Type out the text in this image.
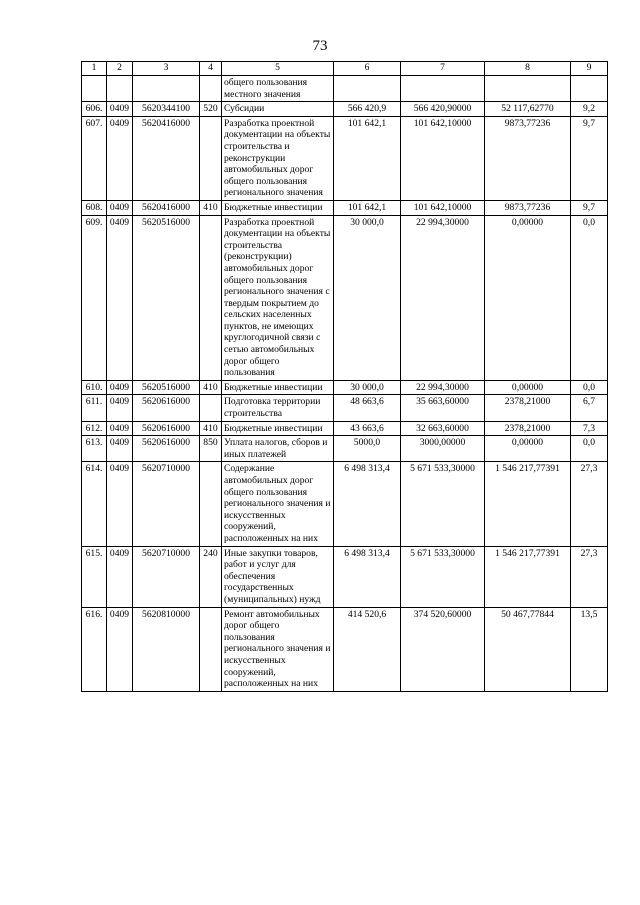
73
1	2	3	4	5	6	7	8	9
				общего пользования местного значения				
606.	0409	5620344100	520	Субсидии	566 420,9	566 420,90000	52 117,62770	9,2
607.	0409	5620416000		Разработка проектной документации на объекты строительства и реконструкции автомобильных дорог общего пользования регионального значения	101 642,1	101 642,10000	9873,77236	9,7
608.	0409	5620416000	410	Бюджетные инвестиции	101 642,1	101 642,10000	9873,77236	9,7
609.	0409	5620516000		Разработка проектной документации на объекты строительства (реконструкции) автомобильных дорог общего пользования регионального значения с твердым покрытием до сельских населенных пунктов, не имеющих круглогодичной связи с сетью автомобильных дорог общего пользования	30 000,0	22 994,30000	0,00000	0,0
610.	0409	5620516000	410	Бюджетные инвестиции	30 000,0	22 994,30000	0,00000	0,0
611.	0409	5620616000		Подготовка территории строительства	48 663,6	35 663,60000	2378,21000	6,7
612.	0409	5620616000	410	Бюджетные инвестиции	43 663,6	32 663,60000	2378,21000	7,3
613.	0409	5620616000	850	Уплата налогов, сборов и иных платежей	5000,0	3000,00000	0,00000	0,0
614.	0409	5620710000		Содержание автомобильных дорог общего пользования регионального значения и искусственных сооружений, расположенных на них	6 498 313,4	5 671 533,30000	1 546 217,77391	27,3
615.	0409	5620710000	240	Иные закупки товаров, работ и услуг для обеспечения государственных (муниципальных) нужд	6 498 313,4	5 671 533,30000	1 546 217,77391	27,3
616.	0409	5620810000		Ремонт автомобильных дорог общего пользования регионального значения и искусственных сооружений, расположенных на них	414 520,6	374 520,60000	50 467,77844	13,5
